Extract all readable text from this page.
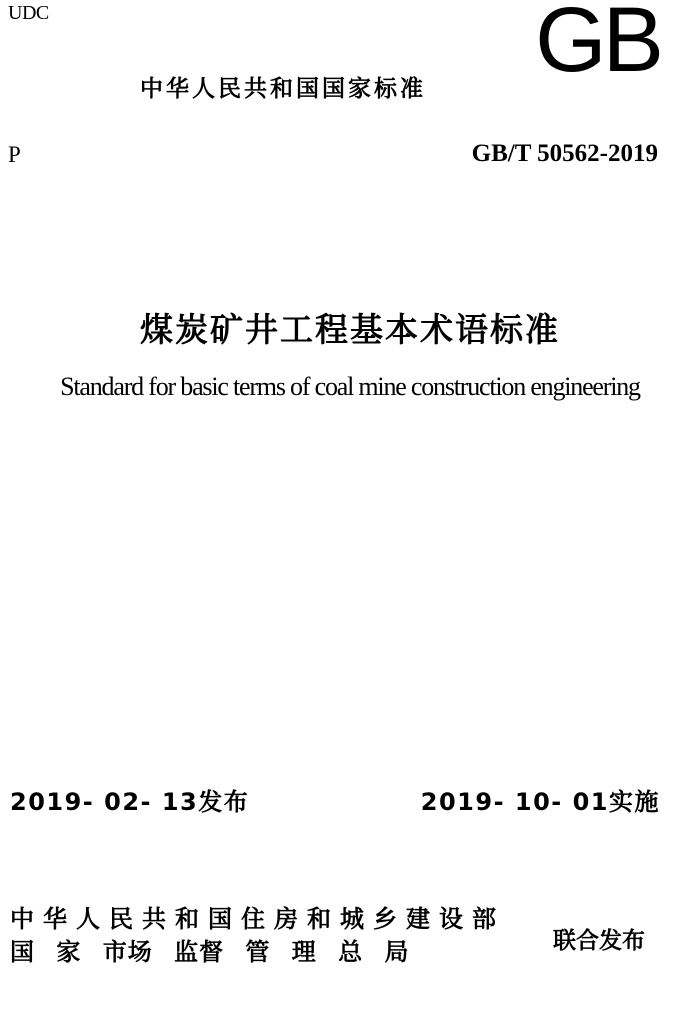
UDC	GB
中华人民共和国国家标准
P	GB/T 50562-2019
煤炭矿井工程基本术语标准
Standard for basic terms of coal mine construction engineering
2019- 02- 13发布	2019- 10- 01实施
中华人民共和国住房和城乡建设部
国 家 市场 监督 管 理 总 局	联合发布
